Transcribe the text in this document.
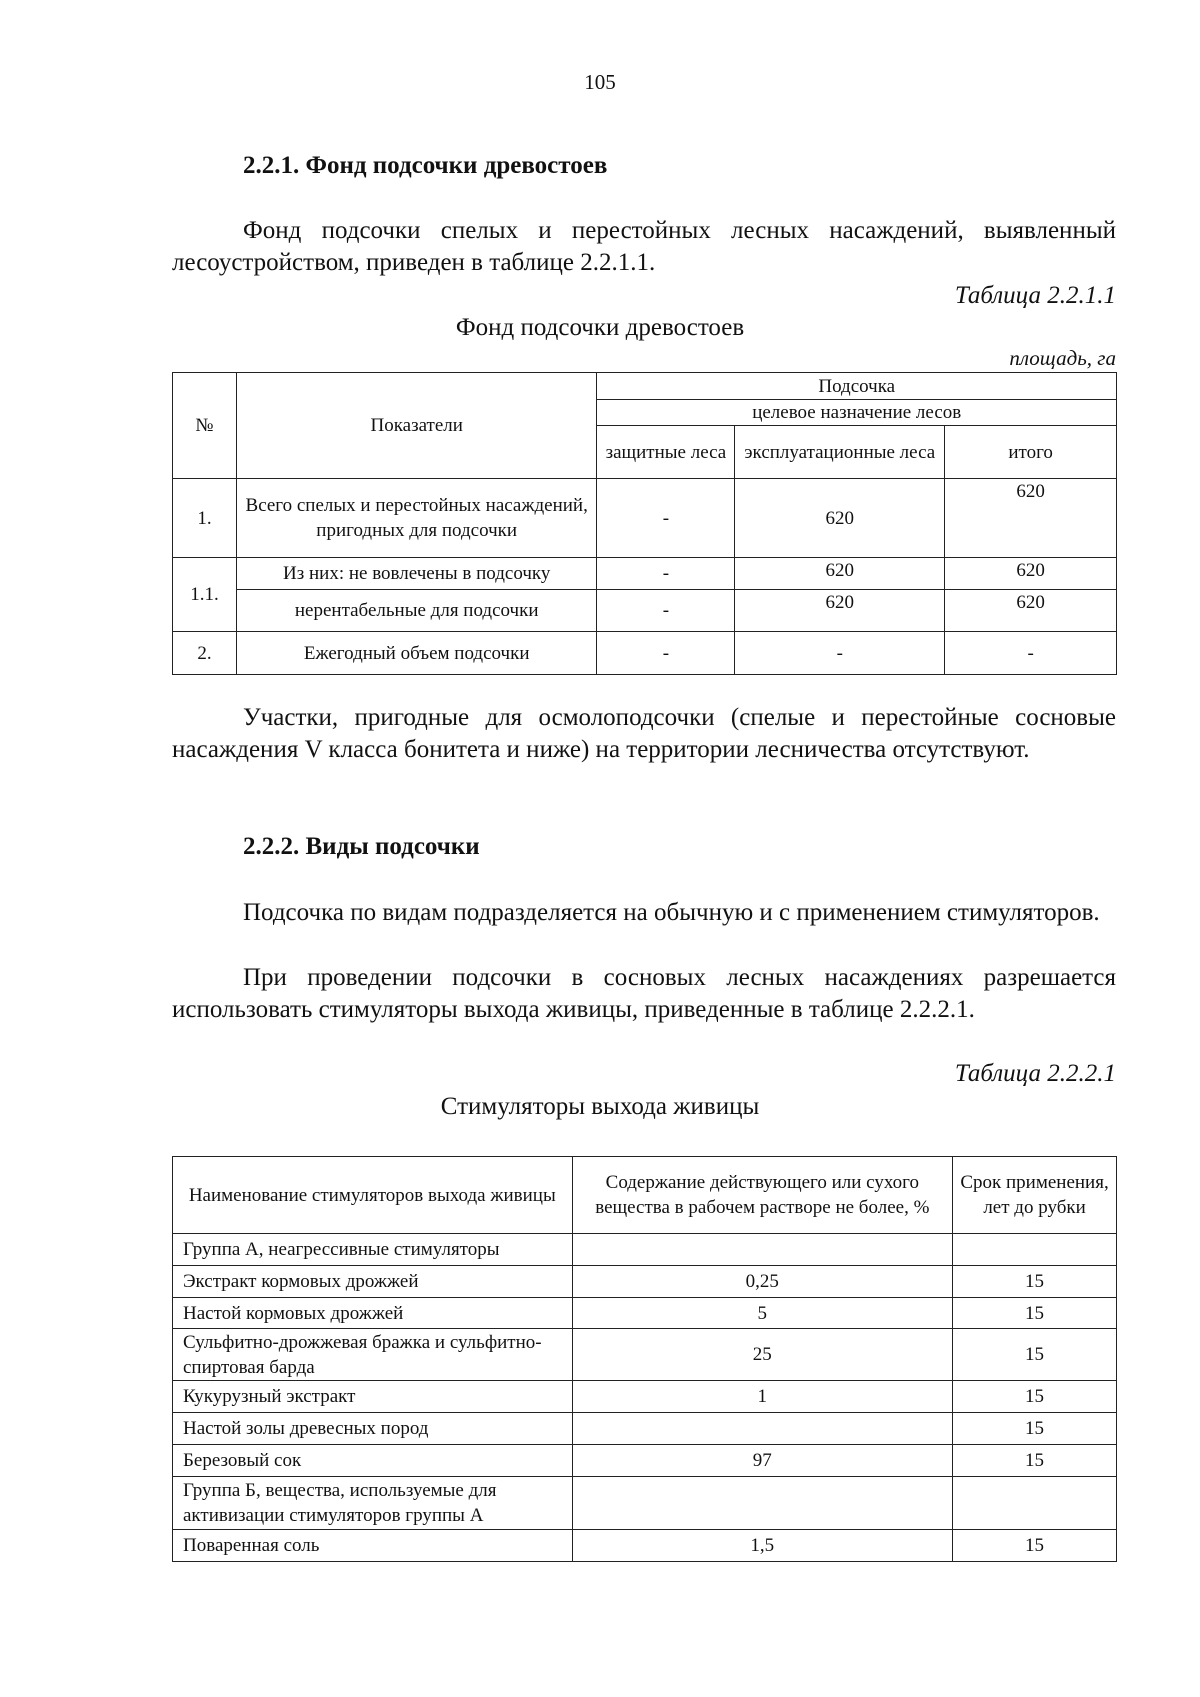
105
2.2.1. Фонд подсочки древостоев

Фонд подсочки спелых и перестойных лесных насаждений, выявленный лесоустройством, приведен в таблице 2.2.1.1.

Таблица 2.2.1.1
Фонд подсочки древостоев
площадь, га
№	Показатели	Подсочка		
		целевое назначение лесов		
		защитные леса	эксплуатационные леса	итого
1.	Всего спелых и перестойных насаждений, пригодных для подсочки	-	620	620
1.1.	Из них: не вовлечены в подсочку	-	620	620
	нерентабельные для подсочки	-	620	620
2.	Ежегодный объем подсочки	-	-	-

Участки, пригодные для осмолоподсочки (спелые и перестойные сосновые насаждения V класса бонитета и ниже) на территории лесничества отсутствуют.

2.2.2. Виды подсочки

Подсочка по видам подразделяется на обычную и с применением стимуляторов.

При проведении подсочки в сосновых лесных насаждениях разрешается использовать стимуляторы выхода живицы, приведенные в таблице 2.2.2.1.

Таблица 2.2.2.1
Стимуляторы выхода живицы
Наименование стимуляторов выхода живицы	Содержание действующего или сухого вещества в рабочем растворе не более, %	Срок применения, лет до рубки
Группа А, неагрессивные стимуляторы		
Экстракт кормовых дрожжей	0,25	15
Настой кормовых дрожжей	5	15
Сульфитно-дрожжевая бражка и сульфитно-спиртовая барда	25	15
Кукурузный экстракт	1	15
Настой золы древесных пород		15
Березовый сок	97	15
Группа Б, вещества, используемые для активизации стимуляторов группы А		
Поваренная соль	1,5	15
